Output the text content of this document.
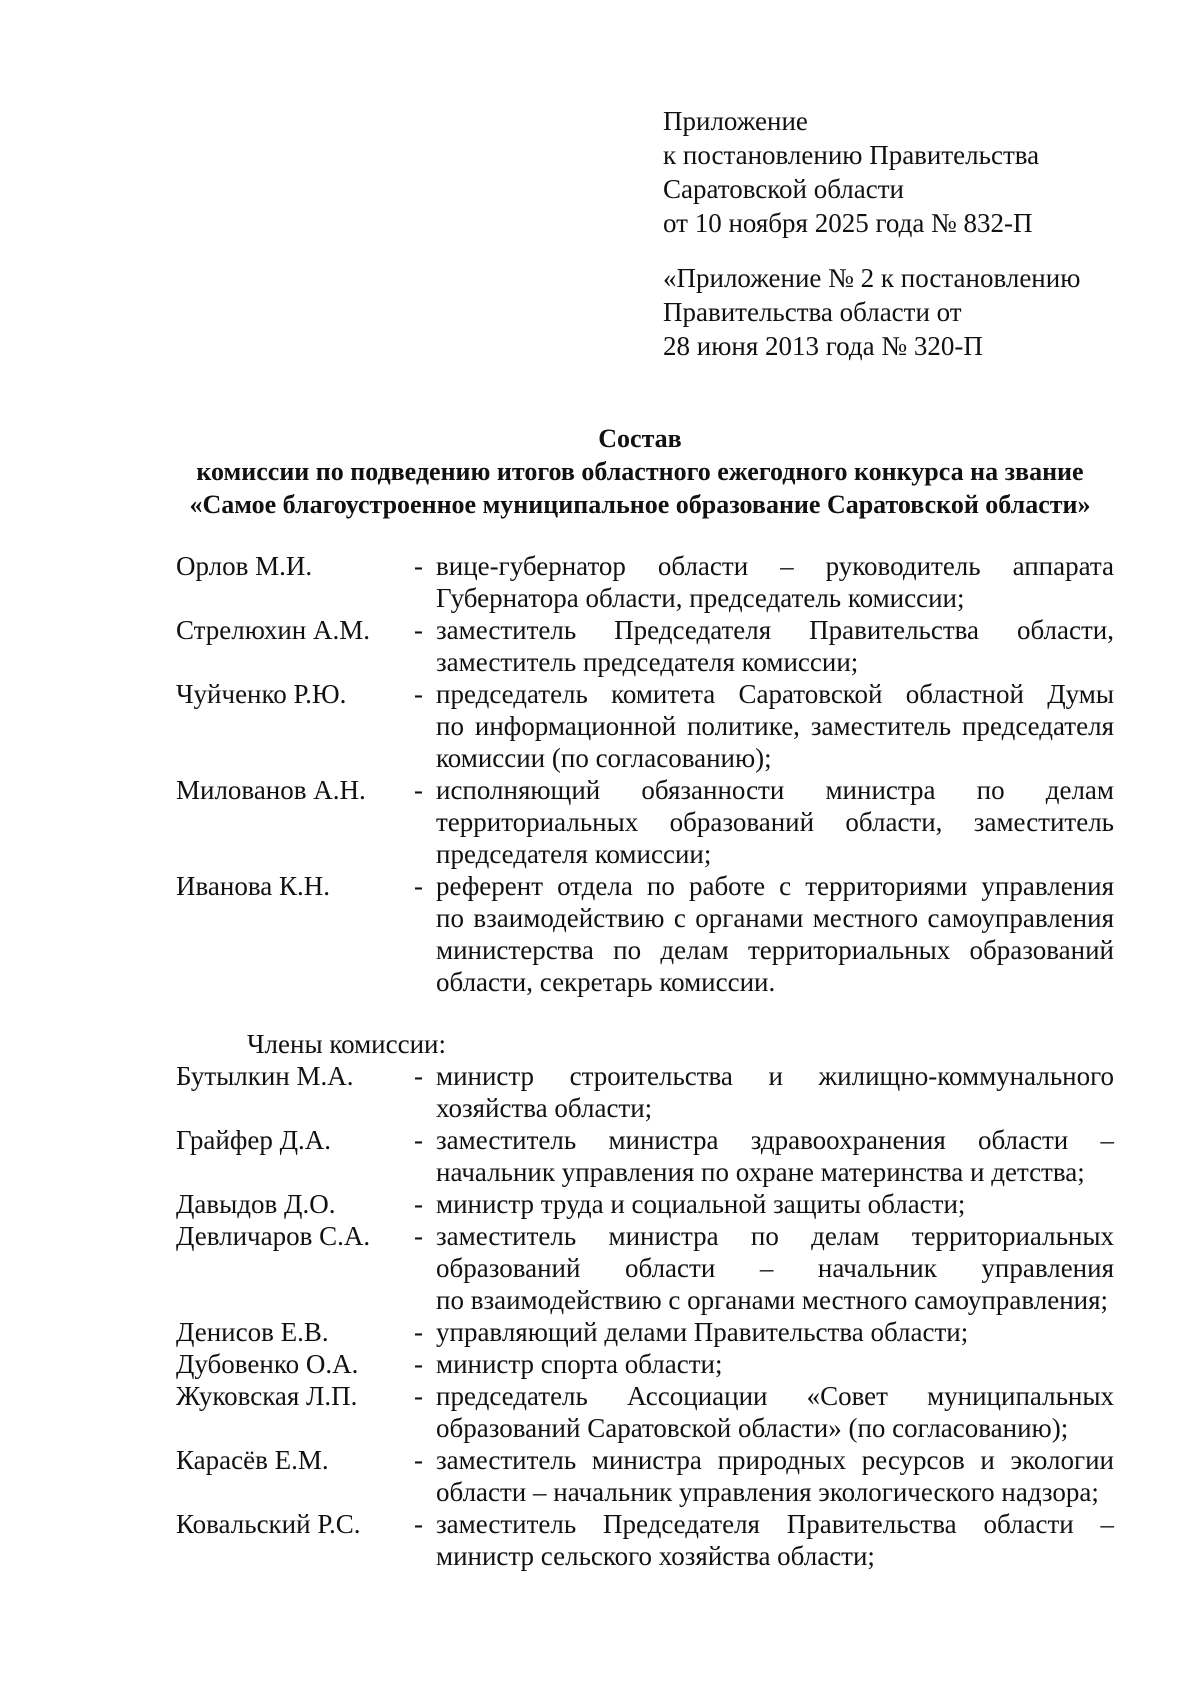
Приложение
к постановлению Правительства
Саратовской области
от 10 ноября 2025 года № 832-П
«Приложение № 2 к постановлению
Правительства области от
28 июня 2013 года № 320-П
Состав
комиссии по подведению итогов областного ежегодного конкурса на звание
«Самое благоустроенное муниципальное образование Саратовской области»
Орлов М.И.	- вице-губернатор области – руководитель аппарата
Губернатора области, председатель комиссии;
Стрелюхин А.М.	- заместитель Председателя Правительства области,
заместитель председателя комиссии;
Чуйченко Р.Ю.	- председатель комитета Саратовской областной Думы
по информационной политике, заместитель председателя
комиссии (по согласованию);
Милованов А.Н.	- исполняющий обязанности министра по делам
территориальных образований области, заместитель
председателя комиссии;
Иванова К.Н.	- референт отдела по работе с территориями управления
по взаимодействию с органами местного самоуправления
министерства по делам территориальных образований
области, секретарь комиссии.
Члены комиссии:
Бутылкин М.А.	- министр строительства и жилищно-коммунального
хозяйства области;
Грайфер Д.А.	- заместитель министра здравоохранения области –
начальник управления по охране материнства и детства;
Давыдов Д.О.	- министр труда и социальной защиты области;
Девличаров С.А.	- заместитель министра по делам территориальных
образований области – начальник управления
по взаимодействию с органами местного самоуправления;
Денисов Е.В.	- управляющий делами Правительства области;
Дубовенко О.А.	- министр спорта области;
Жуковская Л.П.	- председатель Ассоциации «Совет муниципальных
образований Саратовской области» (по согласованию);
Карасёв Е.М.	- заместитель министра природных ресурсов и экологии
области – начальник управления экологического надзора;
Ковальский Р.С.	- заместитель Председателя Правительства области –
министр сельского хозяйства области;
